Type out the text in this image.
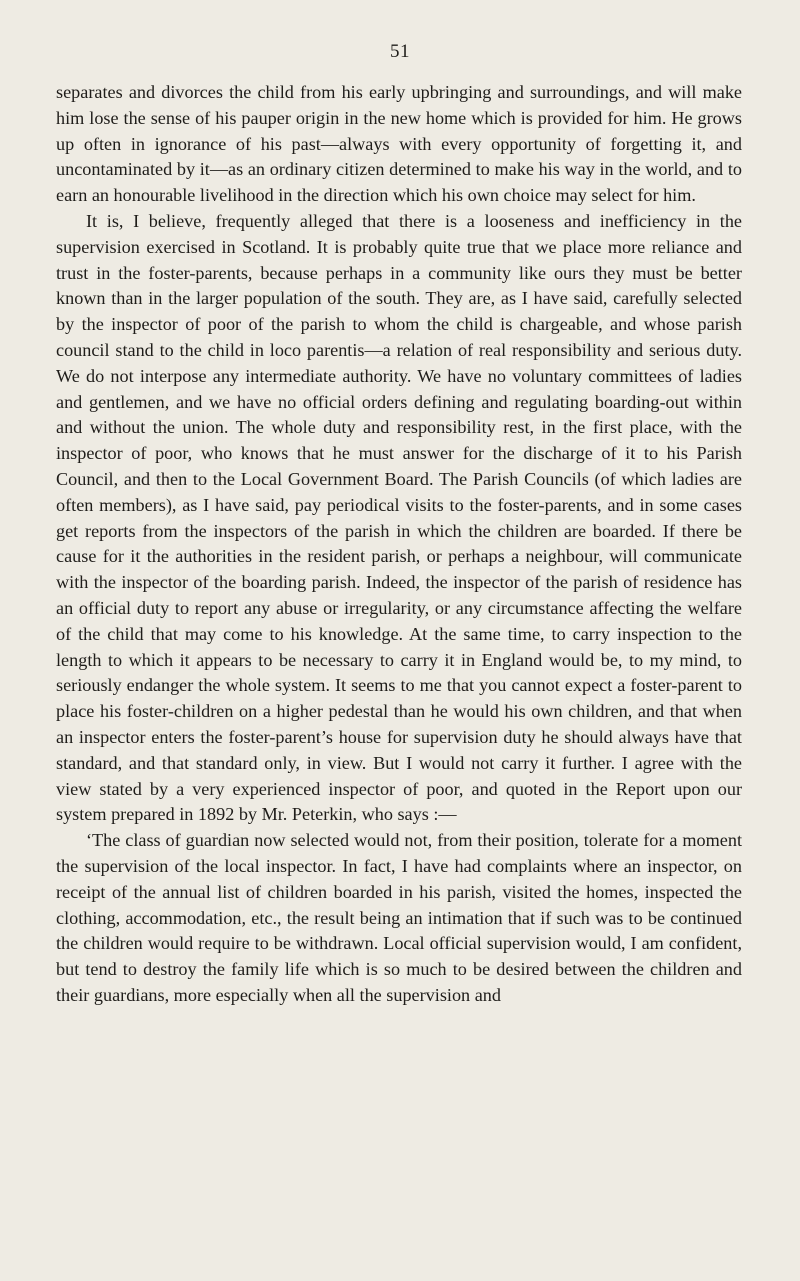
51

separates and divorces the child from his early upbringing and surroundings, and will make him lose the sense of his pauper origin in the new home which is provided for him. He grows up often in ignorance of his past—always with every opportunity of forgetting it, and uncontaminated by it—as an ordinary citizen determined to make his way in the world, and to earn an honourable livelihood in the direction which his own choice may select for him.

It is, I believe, frequently alleged that there is a looseness and inefficiency in the supervision exercised in Scotland. It is probably quite true that we place more reliance and trust in the foster-parents, because perhaps in a community like ours they must be better known than in the larger population of the south. They are, as I have said, carefully selected by the inspector of poor of the parish to whom the child is chargeable, and whose parish council stand to the child in loco parentis—a relation of real responsibility and serious duty. We do not interpose any intermediate authority. We have no voluntary committees of ladies and gentlemen, and we have no official orders defining and regulating boarding-out within and without the union. The whole duty and responsibility rest, in the first place, with the inspector of poor, who knows that he must answer for the discharge of it to his Parish Council, and then to the Local Government Board. The Parish Councils (of which ladies are often members), as I have said, pay periodical visits to the foster-parents, and in some cases get reports from the inspectors of the parish in which the children are boarded. If there be cause for it the authorities in the resident parish, or perhaps a neighbour, will communicate with the inspector of the boarding parish. Indeed, the inspector of the parish of residence has an official duty to report any abuse or irregularity, or any circumstance affecting the welfare of the child that may come to his knowledge. At the same time, to carry inspection to the length to which it appears to be necessary to carry it in England would be, to my mind, to seriously endanger the whole system. It seems to me that you cannot expect a foster-parent to place his foster-children on a higher pedestal than he would his own children, and that when an inspector enters the foster-parent’s house for supervision duty he should always have that standard, and that standard only, in view. But I would not carry it further. I agree with the view stated by a very experienced inspector of poor, and quoted in the Report upon our system prepared in 1892 by Mr. Peterkin, who says :—

‘The class of guardian now selected would not, from their position, tolerate for a moment the supervision of the local inspector. In fact, I have had complaints where an inspector, on receipt of the annual list of children boarded in his parish, visited the homes, inspected the clothing, accommodation, etc., the result being an intimation that if such was to be continued the children would require to be withdrawn. Local official supervision would, I am confident, but tend to destroy the family life which is so much to be desired between the children and their guardians, more especially when all the supervision and
